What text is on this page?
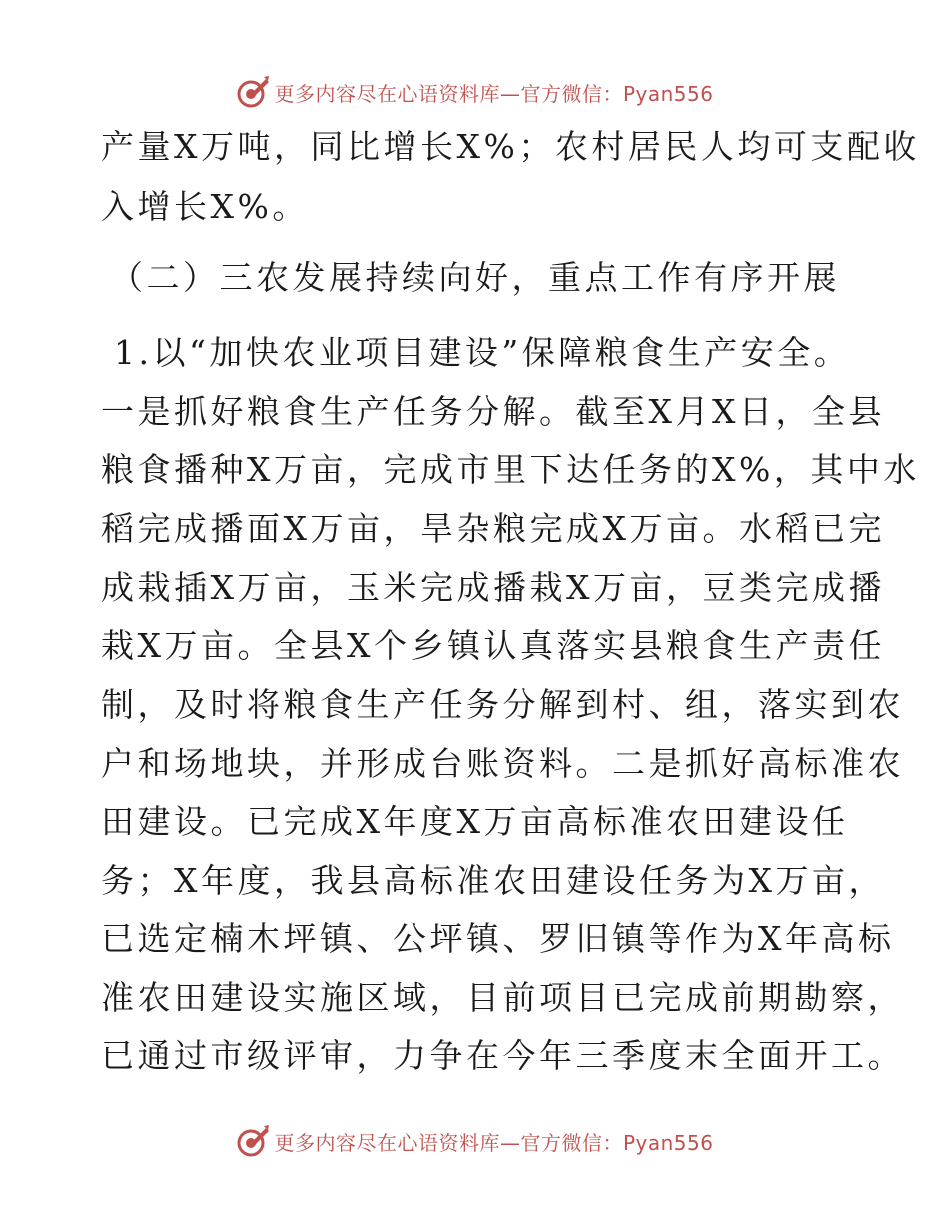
更多内容尽在心语资料库—官方微信：Pyan556
产量X万吨，同比增长X%；农村居民人均可支配收
入增长X%。
（二）三农发展持续向好，重点工作有序开展
1.以“加快农业项目建设”保障粮食生产安全。
一是抓好粮食生产任务分解。截至X月X日，全县
粮食播种X万亩，完成市里下达任务的X%，其中水
稻完成播面X万亩，旱杂粮完成X万亩。水稻已完
成栽插X万亩，玉米完成播栽X万亩，豆类完成播
栽X万亩。全县X个乡镇认真落实县粮食生产责任
制，及时将粮食生产任务分解到村、组，落实到农
户和场地块，并形成台账资料。二是抓好高标准农
田建设。已完成X年度X万亩高标准农田建设任
务；X年度，我县高标准农田建设任务为X万亩，
已选定楠木坪镇、公坪镇、罗旧镇等作为X年高标
准农田建设实施区域，目前项目已完成前期勘察，
已通过市级评审，力争在今年三季度末全面开工。
更多内容尽在心语资料库—官方微信：Pyan556
